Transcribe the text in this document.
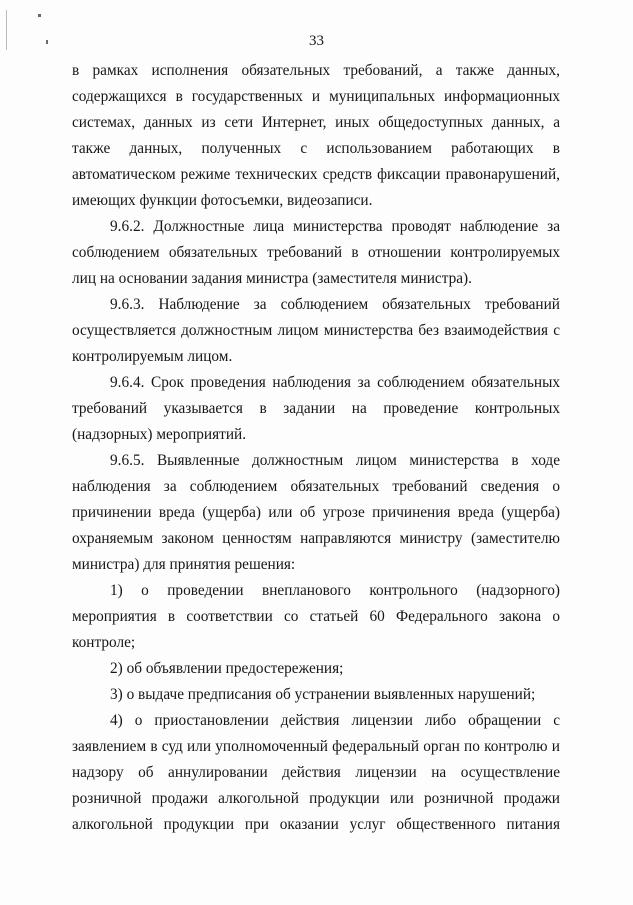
33

в рамках исполнения обязательных требований, а также данных, содержащихся в государственных и муниципальных информационных системах, данных из сети Интернет, иных общедоступных данных, а также данных, полученных с использованием работающих в автоматическом режиме технических средств фиксации правонарушений, имеющих функции фотосъемки, видеозаписи.

9.6.2. Должностные лица министерства проводят наблюдение за соблюдением обязательных требований в отношении контролируемых лиц на основании задания министра (заместителя министра).

9.6.3. Наблюдение за соблюдением обязательных требований осуществляется должностным лицом министерства без взаимодействия с контролируемым лицом.

9.6.4. Срок проведения наблюдения за соблюдением обязательных требований указывается в задании на проведение контрольных (надзорных) мероприятий.

9.6.5. Выявленные должностным лицом министерства в ходе наблюдения за соблюдением обязательных требований сведения о причинении вреда (ущерба) или об угрозе причинения вреда (ущерба) охраняемым законом ценностям направляются министру (заместителю министра) для принятия решения:

1) о проведении внепланового контрольного (надзорного) мероприятия в соответствии со статьей 60 Федерального закона о контроле;

2) об объявлении предостережения;

3) о выдаче предписания об устранении выявленных нарушений;

4) о приостановлении действия лицензии либо обращении с заявлением в суд или уполномоченный федеральный орган по контролю и надзору об аннулировании действия лицензии на осуществление розничной продажи алкогольной продукции или розничной продажи алкогольной продукции при оказании услуг общественного питания
